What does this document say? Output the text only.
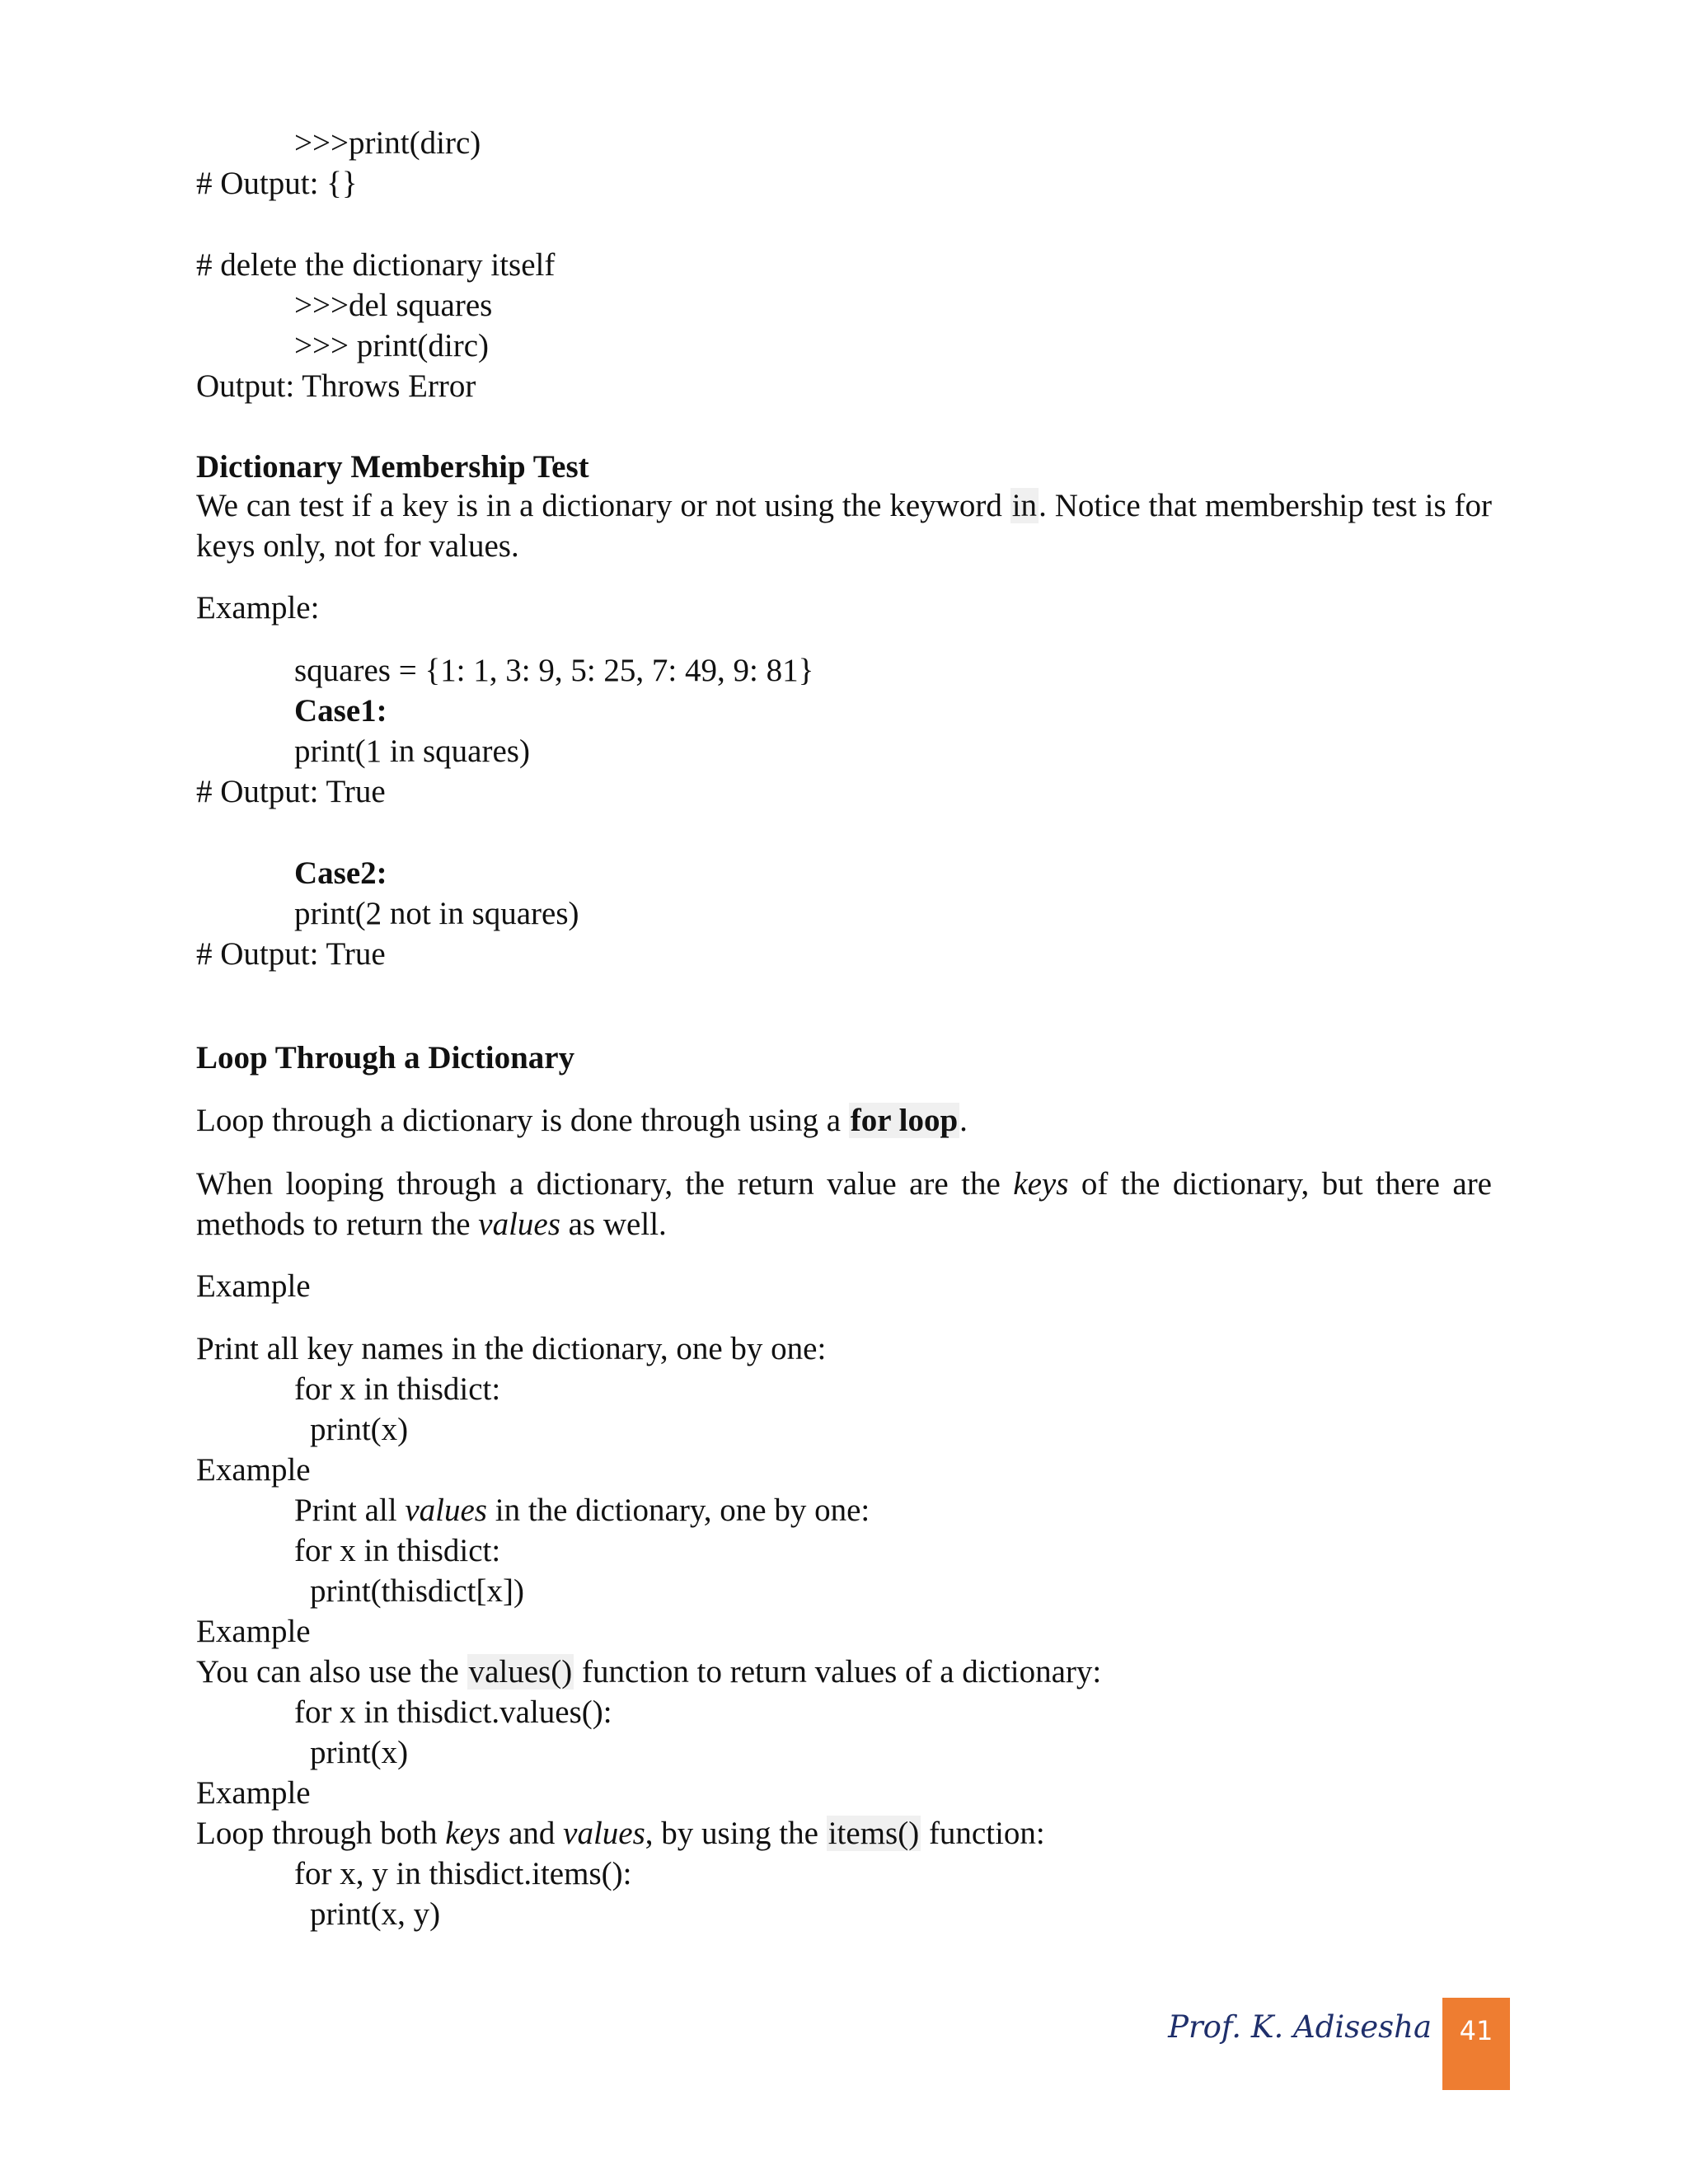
>>>print(dirc)

# Output: {}

# delete the dictionary itself

>>>del squares

>>> print(dirc)

Output: Throws Error

Dictionary Membership Test

We can test if a key is in a dictionary or not using the keyword in. Notice that membership test is for keys only, not for values.

Example:

squares = {1: 1, 3: 9, 5: 25, 7: 49, 9: 81}

Case1:

print(1 in squares)

# Output: True

Case2:

print(2 not in squares)

# Output: True

Loop Through a Dictionary

Loop through a dictionary is done through using a for loop.

When looping through a dictionary, the return value are the keys of the dictionary, but there are methods to return the values as well.

Example

Print all key names in the dictionary, one by one:

for x in thisdict:

print(x)

Example

Print all values in the dictionary, one by one:

for x in thisdict:

print(thisdict[x])

Example

You can also use the values() function to return values of a dictionary:

for x in thisdict.values():

print(x)

Example

Loop through both keys and values, by using the items() function:

for x, y in thisdict.items():

print(x, y)

Prof. K. Adisesha	41
